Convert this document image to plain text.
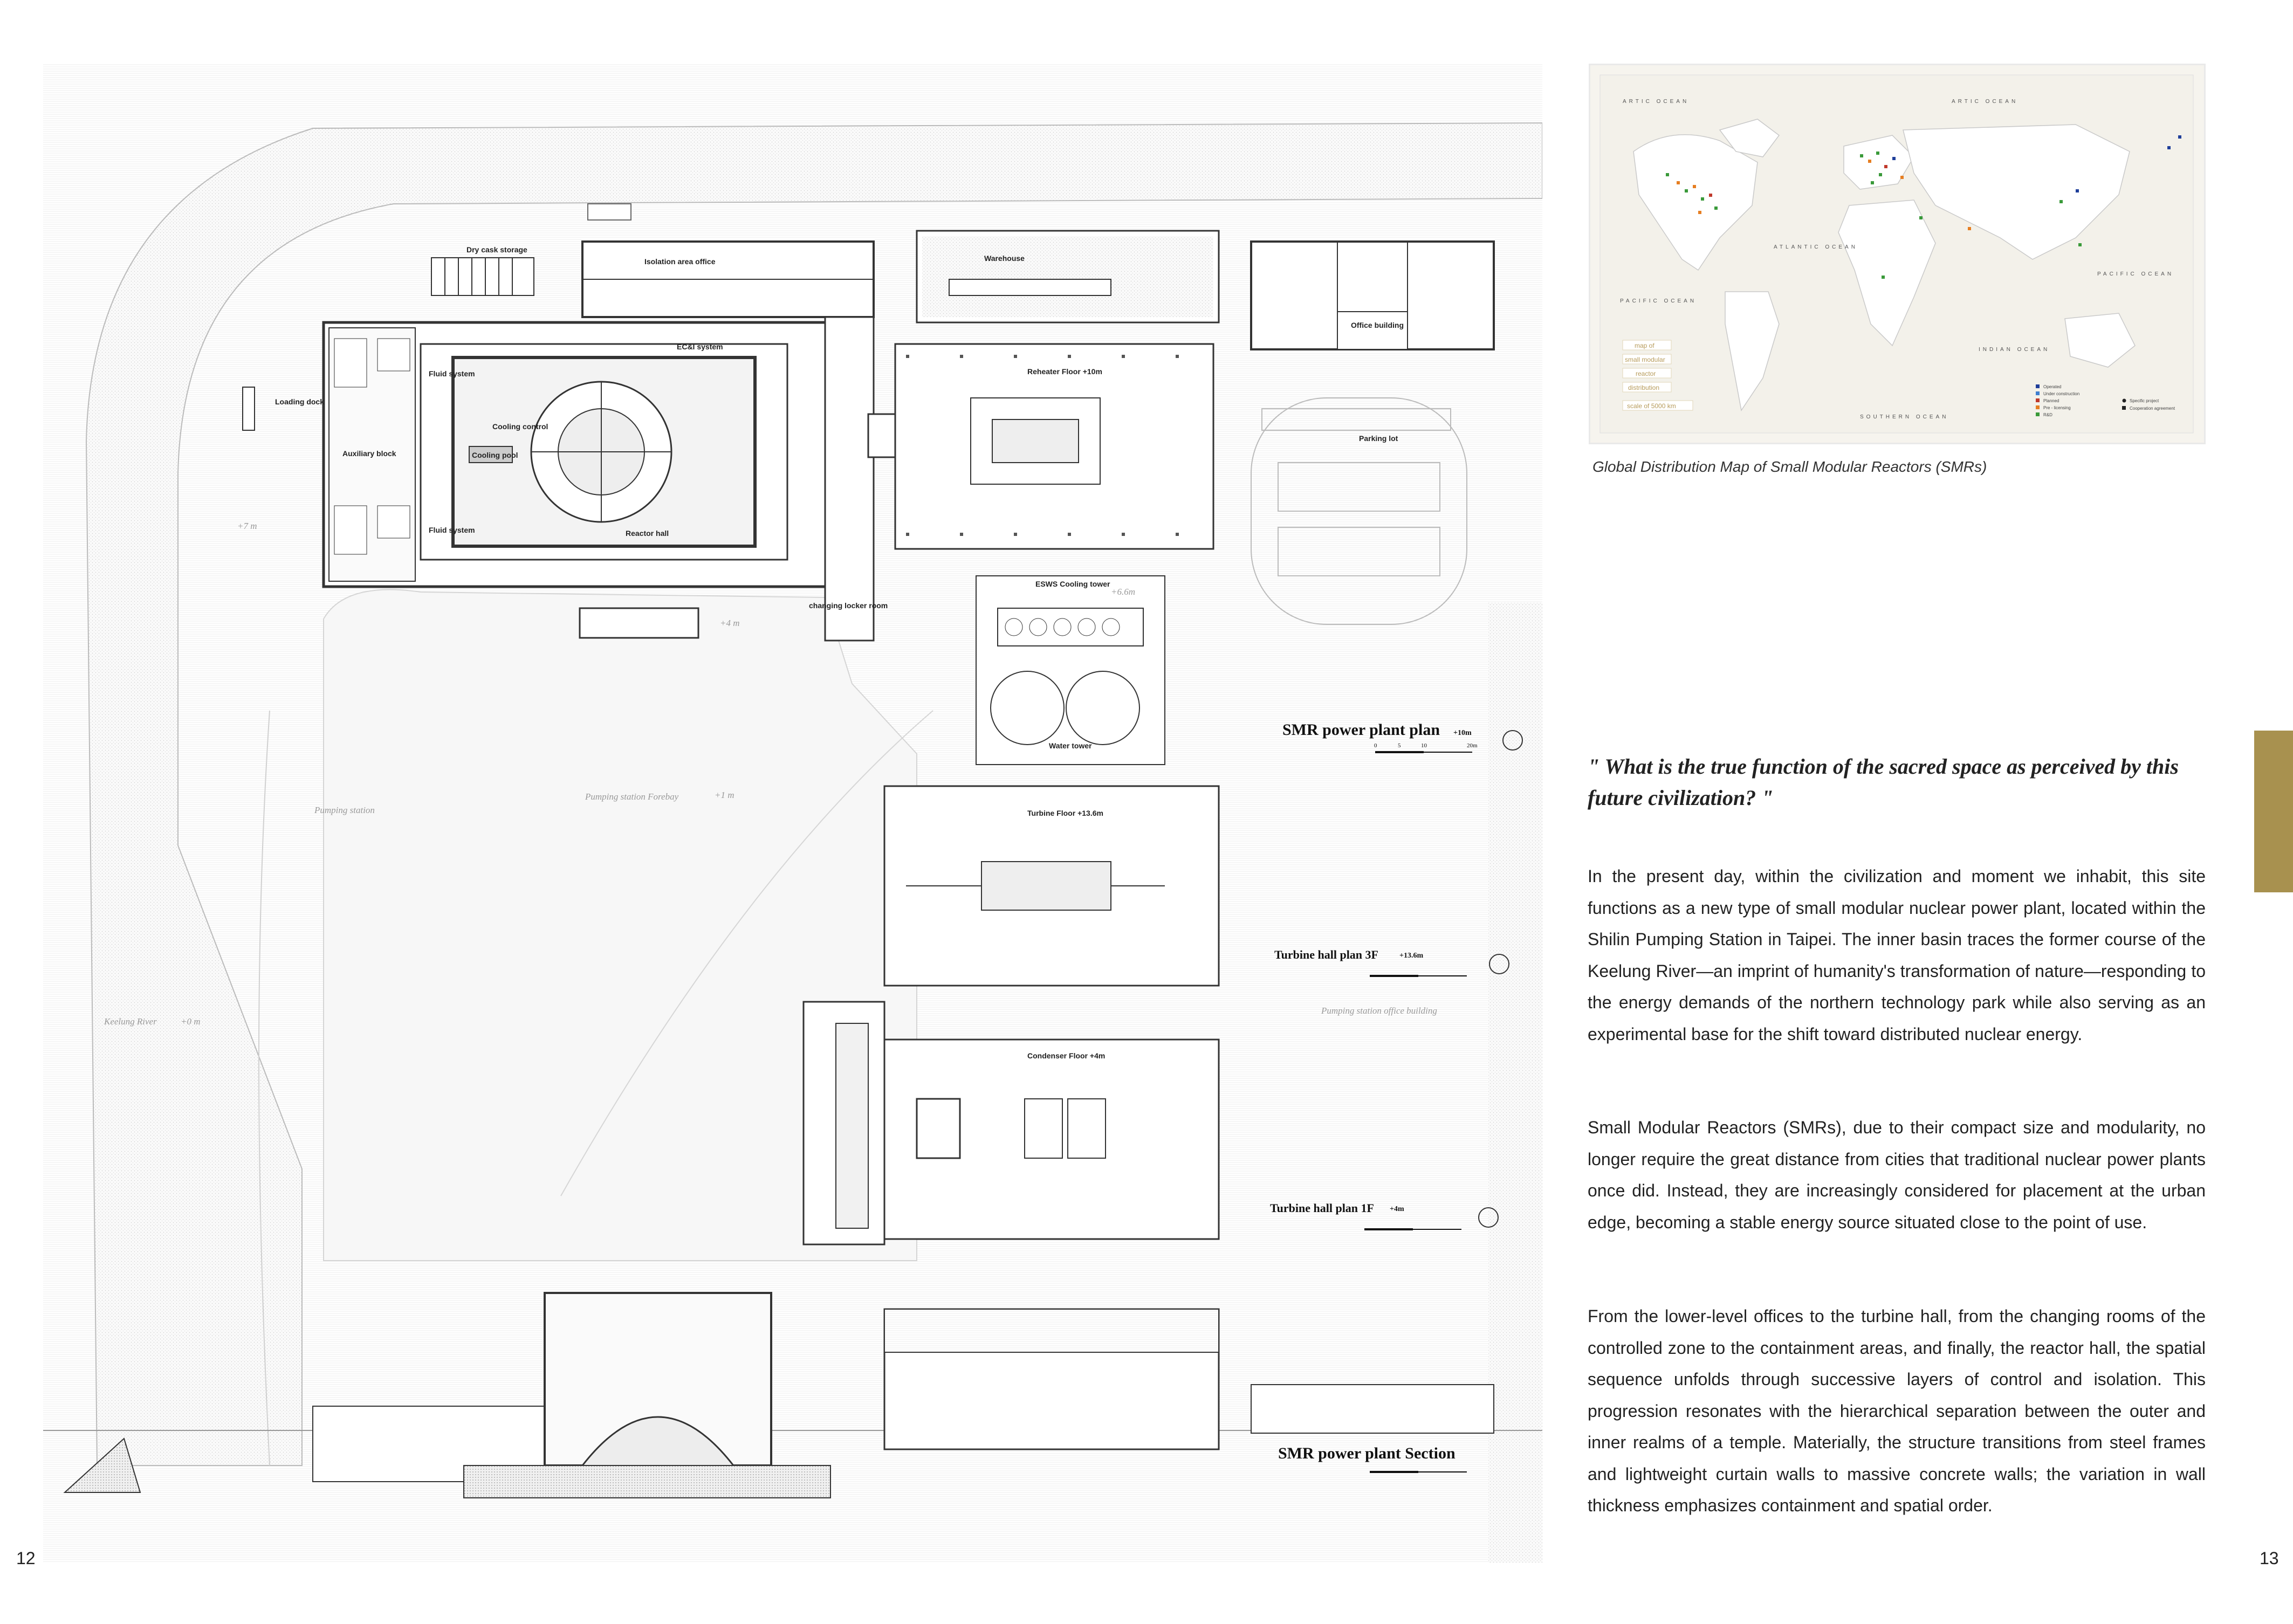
Dry cask storage
Isolation area office	Warehouse
Office building
Loading dock
Fluid system
EC&I system
Cooling control
Auxiliary block	Cooling pool
Fluid system	Reactor hall
Reheater Floor +10m
Parking lot
changing locker room
ESWS Cooling tower
Water tower
Turbine Floor +13.6m
Condenser Floor +4m
+7 m
+4 m
+6.6m
Pumping station
Pumping station Forebay	+1 m
Keelung River	+0 m
Pumping station office building
SMR power plant plan +10m
Turbine hall plan 3F	+13.6m
Turbine hall plan 1F +4m
SMR power plant Section
0	5	10	20m
ARTIC OCEAN	ARTIC OCEAN
ATLANTIC OCEAN
PACIFIC OCEAN
PACIFIC OCEAN
INDIAN OCEAN
SOUTHERN OCEAN
map of
small modular
reactor
distribution
scale of 5000 km
Operated
Under construction
Planned
Pre - licensing
R&D
Specific project
Cooperation agreement
Global Distribution Map of Small Modular Reactors (SMRs)

" What is the true function of the sacred space as perceived by this future civilization? "

In the present day, within the civilization and moment we inhabit, this site functions as a new type of small modular nuclear power plant, located within the Shilin Pumping Station in Taipei. The inner basin traces the former course of the Keelung River—an imprint of humanity's transformation of nature—responding to the energy demands of the northern technology park while also serving as an experimental base for the shift toward distributed nuclear energy.

Small Modular Reactors (SMRs), due to their compact size and modularity, no longer require the great distance from cities that traditional nuclear power plants once did. Instead, they are increasingly considered for placement at the urban edge, becoming a stable energy source situated close to the point of use.

From the lower-level offices to the turbine hall, from the changing rooms of the controlled zone to the containment areas, and finally, the reactor hall, the spatial sequence unfolds through successive layers of control and isolation. This progression resonates with the hierarchical separation between the outer and inner realms of a temple. Materially, the structure transitions from steel frames and lightweight curtain walls to massive concrete walls; the variation in wall thickness emphasizes containment and spatial order.

12	13
